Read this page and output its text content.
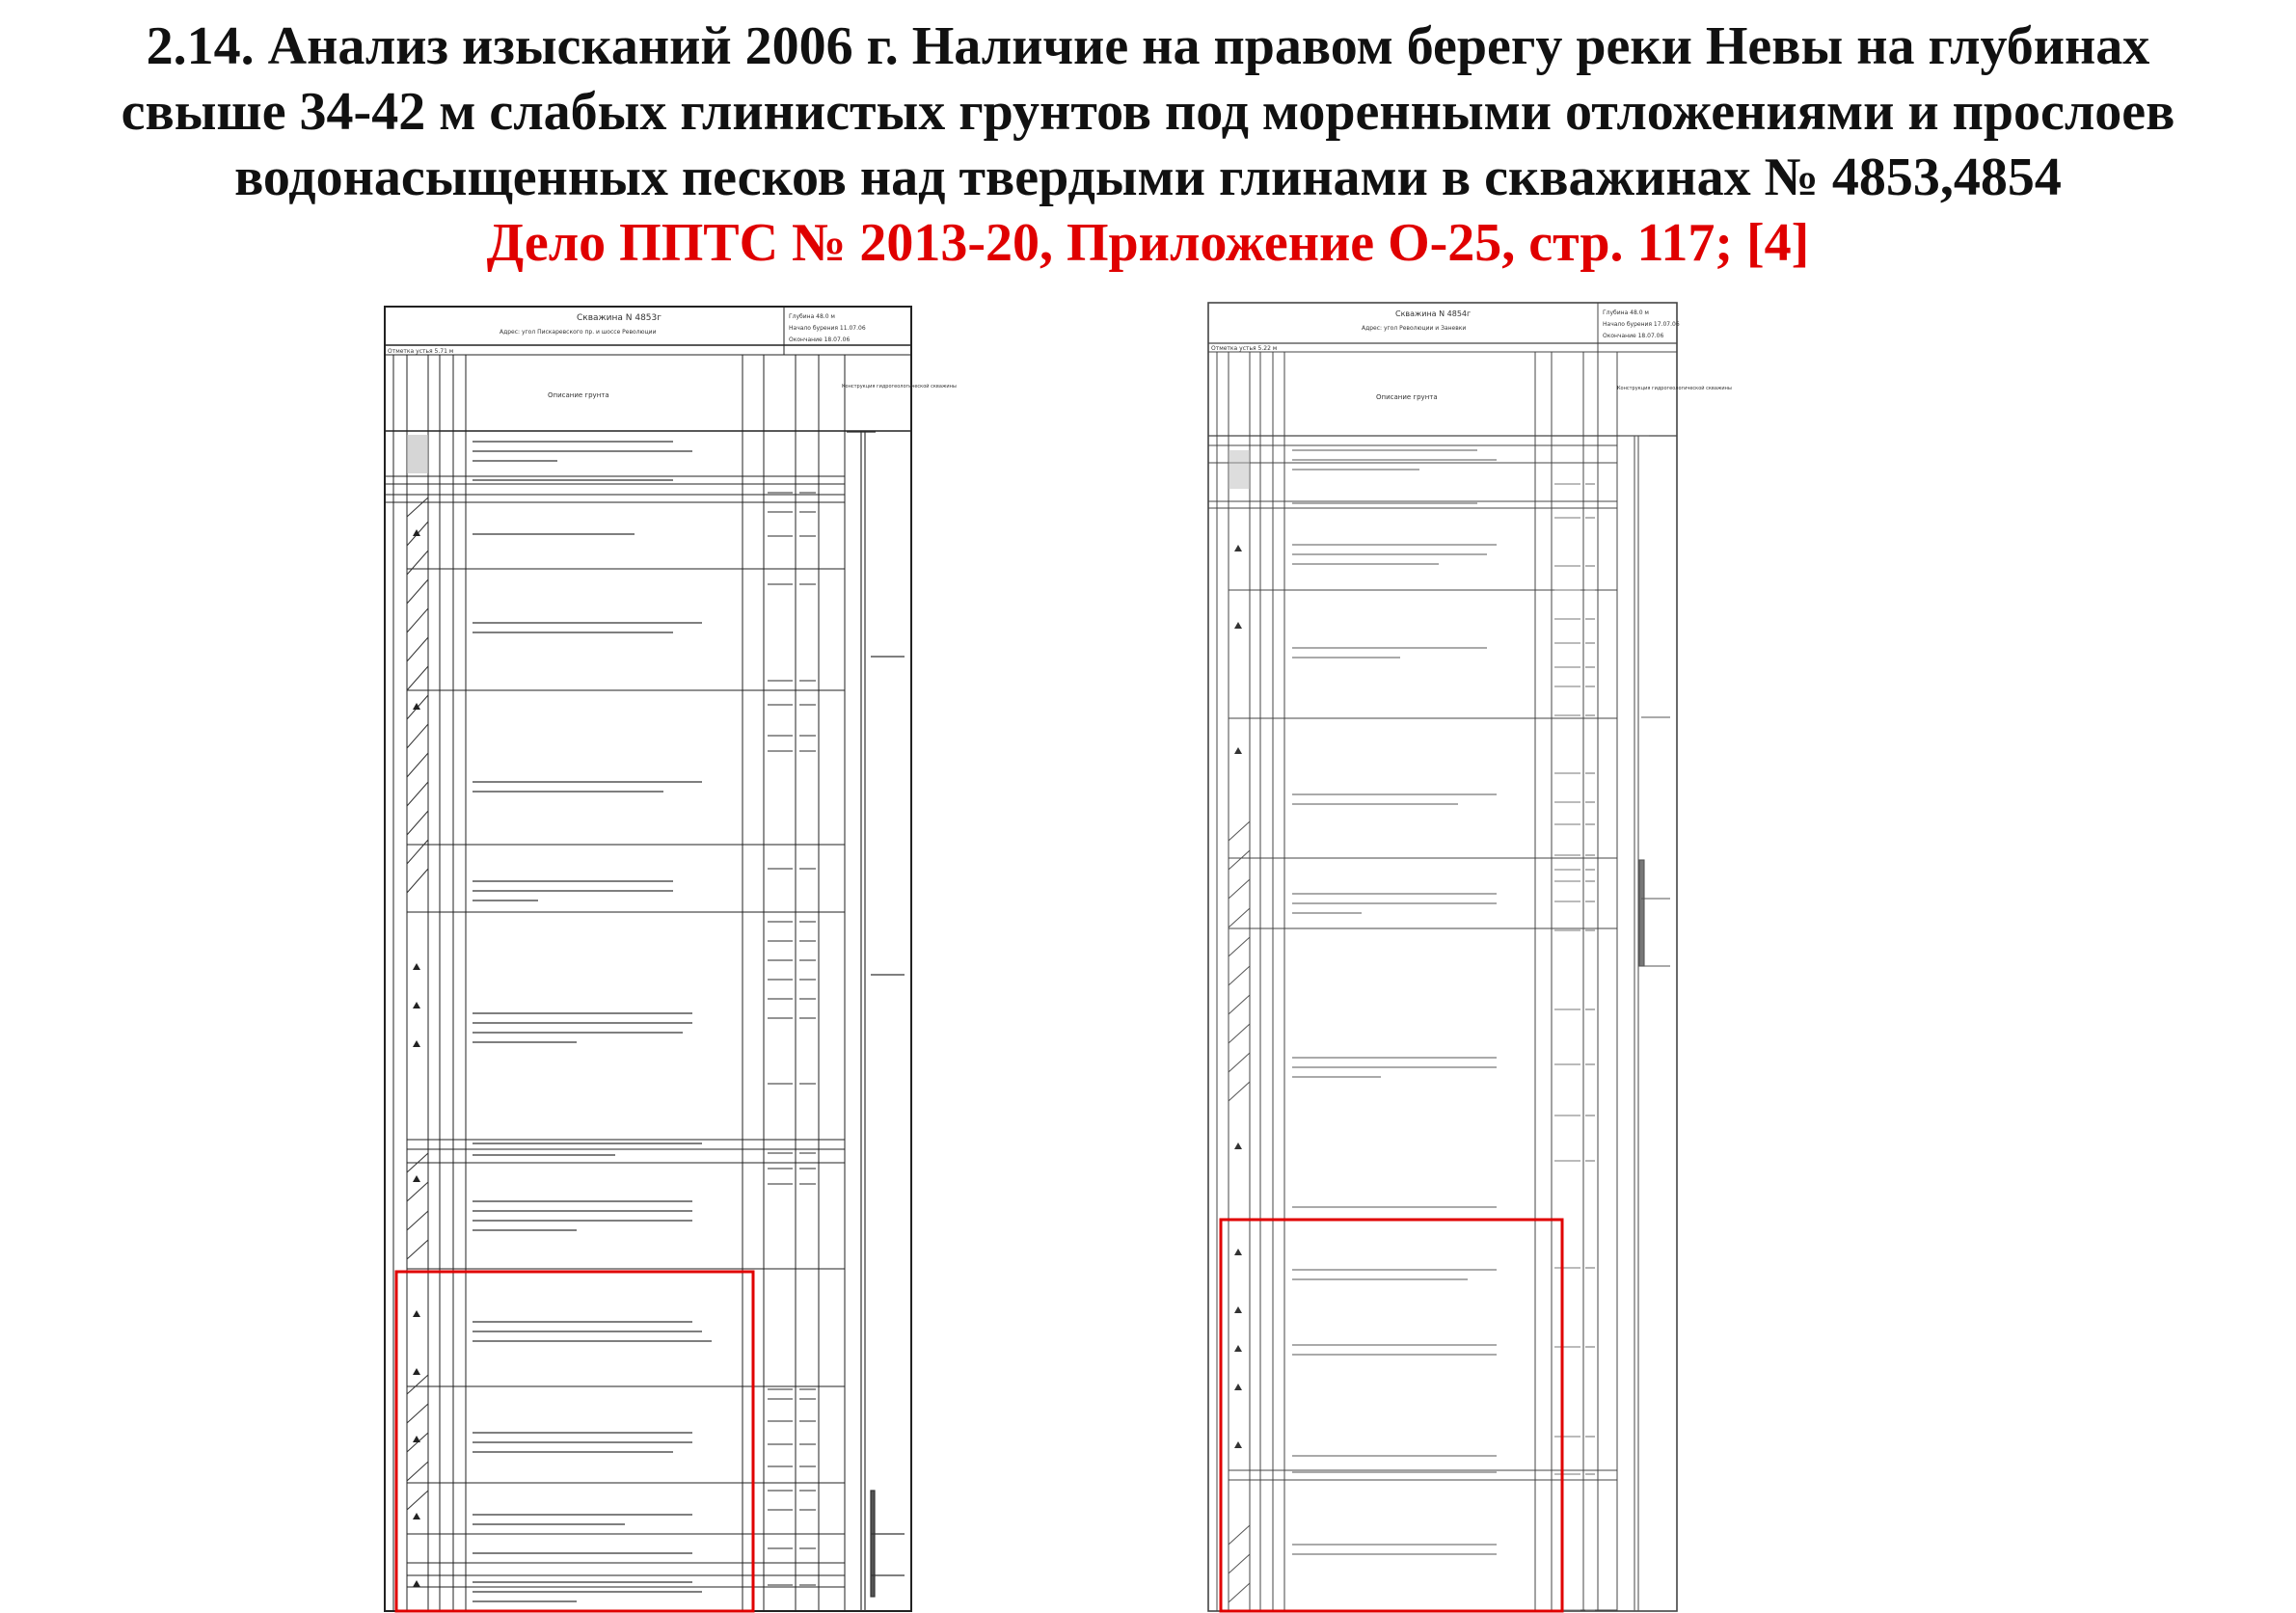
2.14. Анализ изысканий 2006 г. Наличие на правом берегу реки Невы на глубинах
свыше 34-42 м слабых глинистых грунтов под моренными отложениями и прослоев
водонасыщенных песков над твердыми глинами в скважинах № 4853,4854
Дело ППТС № 2013-20, Приложение О-25, стр. 117; [4]
Скважина N 4853г
Адрес: угол Пискаревского пр. и шоссе Революции
Отметка устья 5.71 м
Глубина 48.0 м
Начало бурения 11.07.06
Окончание 18.07.06
Описание грунта
Конструкция гидрогеологической скважины
Скважина N 4854г
Адрес: угол Революции и Заневки
Отметка устья 5.22 м
Глубина 48.0 м
Начало бурения 17.07.06
Окончание 18.07.06
Описание грунта
Конструкция гидрогеологической скважины
